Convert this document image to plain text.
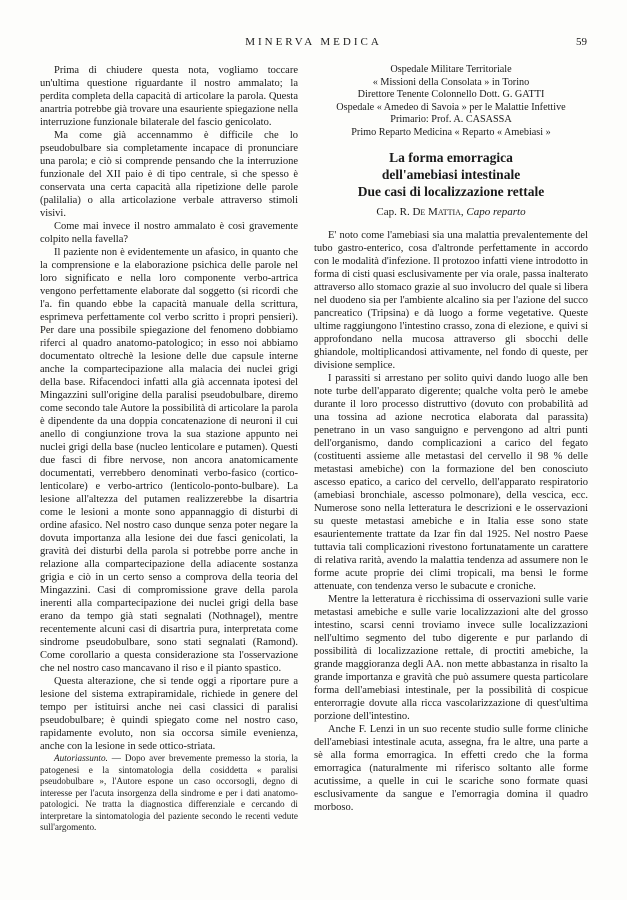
MINERVA MEDICA	59

Prima di chiudere questa nota, vogliamo toccare un'ultima questione riguardante il nostro ammalato; la perdita completa della capacità di articolare la parola. Questa anartria potrebbe già trovare una esauriente spiegazione nella interruzione funzionale bilaterale del fascio genicolato.

Ma come già accennammo è difficile che lo pseudobulbare sia completamente incapace di pronunciare una parola; e ciò si comprende pensando che la interruzione funzionale del XII paio è di tipo centrale, sì che spesso è conservata una certa capacità alla ripetizione delle parole (palilalia) o alla articolazione verbale attraverso stimoli visivi.

Come mai invece il nostro ammalato è così gravemente colpito nella favella?

Il paziente non è evidentemente un afasico, in quanto che la comprensione e la elaborazione psichica delle parole nel loro significato e nella loro componente verbo-artrica vengono perfettamente elaborate dal soggetto (si ricordi che l'a. fin quando ebbe la capacità manuale della scrittura, esprimeva perfettamente col verbo scritto i propri pensieri). Per dare una possibile spiegazione del fenomeno dobbiamo riferci al quadro anatomo-patologico; in esso noi abbiamo documentato oltrechè la lesione delle due capsule interne anche la compartecipazione alla malacia dei nuclei grigi della base. Rifacendoci infatti alla già accennata ipotesi del Mingazzini sull'origine della paralisi pseudobulbare, diremo come secondo tale Autore la possibilità di articolare la parola è dipendente da una doppia concatenazione di neuroni il cui anello di congiunzione trova la sua stazione appunto nei nuclei grigi della base (nucleo lenticolare e putamen). Questi due fasci di fibre nervose, non ancora anatomicamente documentati, verrebbero denominati verbo-fasico (cortico-lenticolare) e verbo-artrico (lenticolo-ponto-bulbare). La lesione all'altezza del putamen realizzerebbe la disartria come le lesioni a monte sono appannaggio di disturbi di ordine afasico. Nel nostro caso dunque senza poter negare la dovuta importanza alla lesione dei due fasci genicolati, la gravità dei disturbi della parola si potrebbe porre anche in relazione alla compartecipazione della adiacente sostanza grigia e ciò in un certo senso a comprova della teoria del Mingazzini. Casi di compromissione grave della parola inerenti alla compartecipazione dei nuclei grigi della base erano da tempo già stati segnalati (Nothnagel), mentre recentemente alcuni casi di disartria pura, interpretata come sindrome pseudobulbare, sono stati segnalati (Ramond). Come corollario a questa considerazione sta l'osservazione che nel nostro caso mancavano il riso e il pianto spastico.

Questa alterazione, che si tende oggi a riportare pure a lesione del sistema extrapiramidale, richiede in genere del tempo per istituirsi anche nei casi classici di paralisi pseudobulbare; è quindi spiegato come nel nostro caso, rapidamente evoluto, non sia occorsa simile evenienza, anche con la lesione in sede ottico-striata.

Autoriassunto. — Dopo aver brevemente premesso la storia, la patogenesi e la sintomatologia della cosiddetta « paralisi pseudobulbare », l'Autore espone un caso occorsogli, degno di interesse per l'acuta insorgenza della sindrome e per i dati anatomo-patologici. Ne tratta la diagnostica differenziale e cercando di interpretare la sintomatologia del paziente secondo le recenti vedute sull'argomento.

Ospedale Militare Territoriale
« Missioni della Consolata » in Torino
Direttore Tenente Colonnello Dott. G. GATTI
Ospedale « Amedeo di Savoia » per le Malattie Infettive
Primario: Prof. A. CASASSA
Primo Reparto Medicina « Reparto « Amebiasi »
La forma emorragica
dell'amebiasi intestinale
Due casi di localizzazione rettale
Cap. R. De Mattia, Capo reparto

E' noto come l'amebiasi sia una malattia prevalentemente del tubo gastro-enterico, cosa d'altronde perfettamente in accordo con le modalità d'infezione. Il protozoo infatti viene introdotto in forma di cisti quasi esclusivamente per via orale, passa inalterato attraverso allo stomaco grazie al suo involucro del quale si libera nel duodeno sia per l'ambiente alcalino sia per l'azione del succo pancreatico (Tripsina) e dà luogo a forme vegetative. Queste ultime raggiungono l'intestino crasso, zona di elezione, e quivi si approfondano nella mucosa attraverso gli sbocchi delle ghiandole, moltiplicandosi attivamente, nel fondo di queste, per divisione semplice.

I parassiti si arrestano per solito quivi dando luogo alle ben note turbe dell'apparato digerente; qualche volta però le amebe durante il loro processo distruttivo (dovuto con probabilità ad una tossina ad azione necrotica elaborata dal parassita) penetrano in un vaso sanguigno e pervengono ad altri punti dell'organismo, dando complicazioni a carico del fegato (costituenti assieme alle metastasi del cervello il 98 % delle metastasi amebiche) con la formazione del ben conosciuto ascesso epatico, a carico del cervello, dell'apparato respiratorio (amebiasi bronchiale, ascesso polmonare), della vescica, ecc. Numerose sono nella letteratura le descrizioni e le osservazioni su queste metastasi amebiche e in Italia esse sono state esaurientemente trattate da Izar fin dal 1925. Nel nostro Paese tuttavia tali complicazioni rivestono fortunatamente un carattere di relativa rarità, avendo la malattia tendenza ad assumere non le forme acute proprie dei climi tropicali, ma bensì le forme attenuate, con tendenza verso le subacute e croniche.

Mentre la letteratura è ricchissima di osservazioni sulle varie metastasi amebiche e sulle varie localizzazioni alte del grosso intestino, scarsi cenni troviamo invece sulle localizzazioni nell'ultimo segmento del tubo digerente e pur parlando di possibilità di localizzazione rettale, di proctiti amebiche, la grande maggioranza degli AA. non mette abbastanza in risalto la grande importanza e gravità che può assumere questa particolare forma dell'amebiasi intestinale, per la possibilità di cospicue enterorragie dovute alla ricca vascolarizzazione di quest'ultima porzione dell'intestino.

Anche F. Lenzi in un suo recente studio sulle forme cliniche dell'amebiasi intestinale acuta, assegna, fra le altre, una parte a sè alla forma emorragica. In effetti credo che la forma emorragica (naturalmente mi riferisco soltanto alle forme acutissime, a quelle in cui le scariche sono formate quasi esclusivamente da sangue e l'emorragia domina il quadro morboso.
